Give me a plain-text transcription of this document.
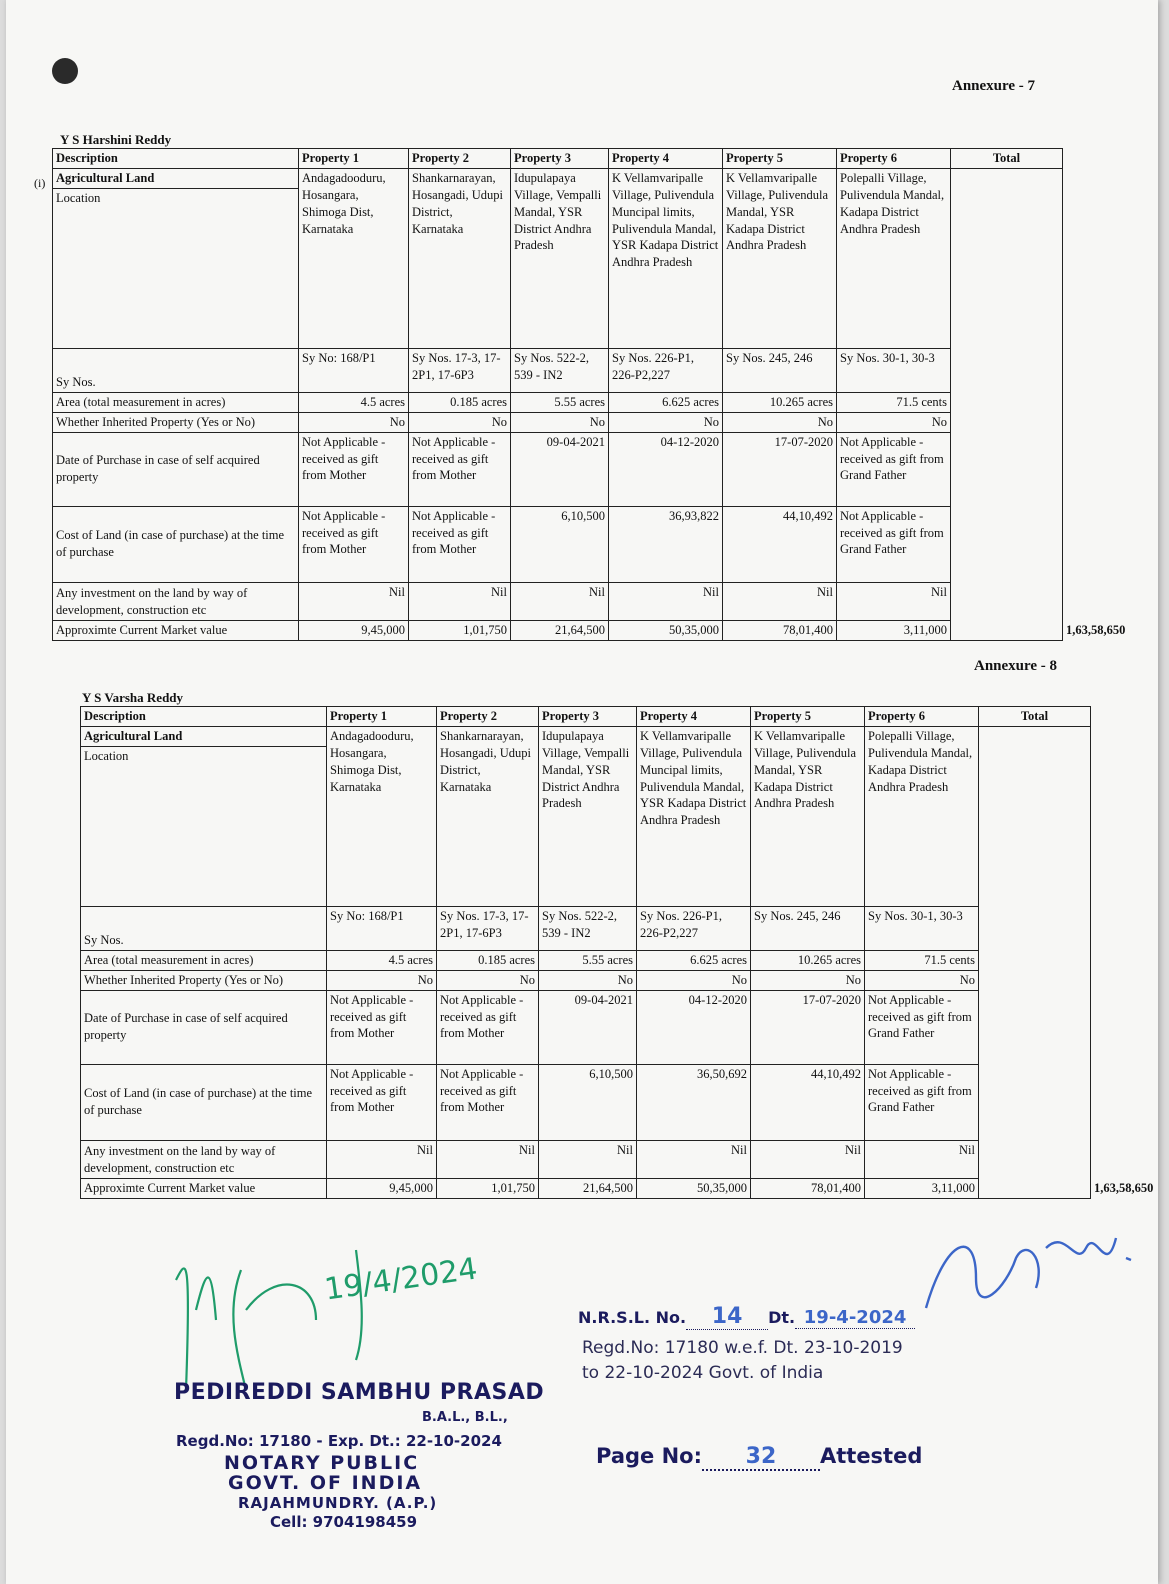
Annexure - 7
Y S Harshini Reddy
(i)
Description	Property 1	Property 2	Property 3	Property 4	Property 5	Property 6	Total	
Agricultural Land	Andagadooduru, Hosangara, Shimoga Dist, Karnataka	Shankarnarayan, Hosangadi, Udupi District, Karnataka	Idupulapaya Village, Vempalli Mandal, YSR District Andhra Pradesh	K Vellamvaripalle Village, Pulivendula Muncipal limits, Pulivendula Mandal, YSR Kadapa District Andhra Pradesh	K Vellamvaripalle Village, Pulivendula Mandal, YSR Kadapa District Andhra Pradesh	Polepalli Village, Pulivendula Mandal, Kadapa District Andhra Pradesh		
Location								
Sy Nos.	Sy No: 168/P1	Sy Nos. 17-3, 17-2P1, 17-6P3	Sy Nos. 522-2, 539 - IN2	Sy Nos. 226-P1, 226-P2,227	Sy Nos. 245, 246	Sy Nos. 30-1, 30-3		
Area (total measurement in acres)	4.5 acres	0.185 acres	5.55 acres	6.625 acres	10.265 acres	71.5 cents		
Whether Inherited Property (Yes or No)	No	No	No	No	No	No		
Date of Purchase in case of self acquired property	Not Applicable - received as gift from Mother	Not Applicable - received as gift from Mother	09-04-2021	04-12-2020	17-07-2020	Not Applicable - received as gift from Grand Father		
Cost of Land (in case of purchase) at the time of purchase	Not Applicable - received as gift from Mother	Not Applicable - received as gift from Mother	6,10,500	36,93,822	44,10,492	Not Applicable - received as gift from Grand Father		
Any investment on the land by way of development, construction etc	Nil	Nil	Nil	Nil	Nil	Nil		
Approximte Current Market value	9,45,000	1,01,750	21,64,500	50,35,000	78,01,400	3,11,000		1,63,58,650
Annexure - 8
Y S Varsha Reddy
Description	Property 1	Property 2	Property 3	Property 4	Property 5	Property 6	Total	
Agricultural Land	Andagadooduru, Hosangara, Shimoga Dist, Karnataka	Shankarnarayan, Hosangadi, Udupi District, Karnataka	Idupulapaya Village, Vempalli Mandal, YSR District Andhra Pradesh	K Vellamvaripalle Village, Pulivendula Muncipal limits, Pulivendula Mandal, YSR Kadapa District Andhra Pradesh	K Vellamvaripalle Village, Pulivendula Mandal, YSR Kadapa District Andhra Pradesh	Polepalli Village, Pulivendula Mandal, Kadapa District Andhra Pradesh		
Location								
Sy Nos.	Sy No: 168/P1	Sy Nos. 17-3, 17-2P1, 17-6P3	Sy Nos. 522-2, 539 - IN2	Sy Nos. 226-P1, 226-P2,227	Sy Nos. 245, 246	Sy Nos. 30-1, 30-3		
Area (total measurement in acres)	4.5 acres	0.185 acres	5.55 acres	6.625 acres	10.265 acres	71.5 cents		
Whether Inherited Property (Yes or No)	No	No	No	No	No	No		
Date of Purchase in case of self acquired property	Not Applicable - received as gift from Mother	Not Applicable - received as gift from Mother	09-04-2021	04-12-2020	17-07-2020	Not Applicable - received as gift from Grand Father		
Cost of Land (in case of purchase) at the time of purchase	Not Applicable - received as gift from Mother	Not Applicable - received as gift from Mother	6,10,500	36,50,692	44,10,492	Not Applicable - received as gift from Grand Father		
Any investment on the land by way of development, construction etc	Nil	Nil	Nil	Nil	Nil	Nil		
Approximte Current Market value	9,45,000	1,01,750	21,64,500	50,35,000	78,01,400	3,11,000		1,63,58,650
19/4/2024
PEDIREDDI SAMBHU PRASAD
B.A.L., B.L.,
Regd.No: 17180 - Exp. Dt.: 22-10-2024
NOTARY PUBLIC
GOVT. OF INDIA
RAJAHMUNDRY. (A.P.)
Cell: 9704198459
N.R.S.L. No. 14 Dt. 19-4-2024
Regd.No: 17180 w.e.f. Dt. 23-10-2019
to 22-10-2024 Govt. of India
Page No: 32 Attested
